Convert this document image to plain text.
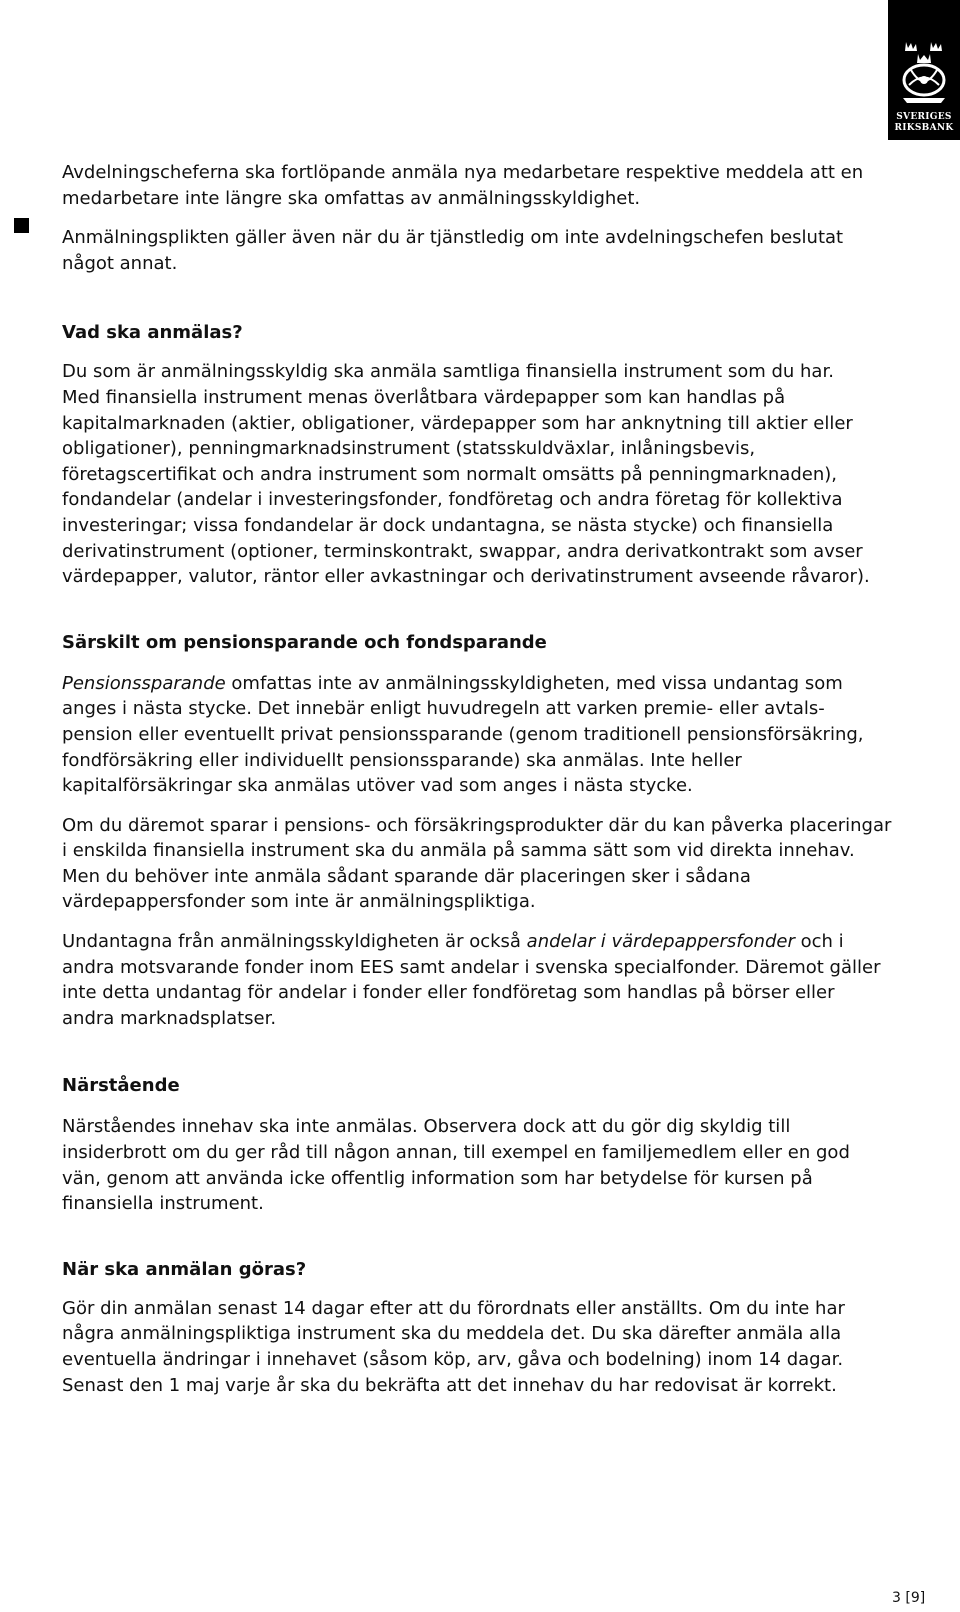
SVERIGES
RIKSBANK

Avdelningscheferna ska fortlöpande anmäla nya medarbetare respektive meddela att en medarbetare inte längre ska omfattas av anmälningsskyldighet.

Anmälningsplikten gäller även när du är tjänstledig om inte avdelningschefen beslutat något annat.

Vad ska anmälas?

Du som är anmälningsskyldig ska anmäla samtliga finansiella instrument som du har.

Med finansiella instrument menas överlåtbara värdepapper som kan handlas på kapitalmarknaden (aktier, obligationer, värdepapper som har anknytning till aktier eller obligationer), penningmarknadsinstrument (statsskuldväxlar, inlåningsbevis, företagscertifikat och andra instrument som normalt omsätts på penningmarknaden), fondandelar (andelar i investeringsfonder, fondföretag och andra företag för kollektiva investeringar; vissa fondandelar är dock undantagna, se nästa stycke) och finansiella derivatinstrument (optioner, terminskontrakt, swappar, andra derivatkontrakt som avser värdepapper, valutor, räntor eller avkastningar och derivatinstrument avseende råvaror).

Särskilt om pensionsparande och fondsparande

Pensionssparande omfattas inte av anmälningsskyldigheten, med vissa undantag som anges i nästa stycke. Det innebär enligt huvudregeln att varken premie- eller avtals-pension eller eventuellt privat pensionssparande (genom traditionell pensionsförsäkring, fondförsäkring eller individuellt pensionssparande) ska anmälas. Inte heller kapitalförsäkringar ska anmälas utöver vad som anges i nästa stycke.

Om du däremot sparar i pensions- och försäkringsprodukter där du kan påverka placeringar i enskilda finansiella instrument ska du anmäla på samma sätt som vid direkta innehav. Men du behöver inte anmäla sådant sparande där placeringen sker i sådana värdepappersfonder som inte är anmälningspliktiga.

Undantagna från anmälningsskyldigheten är också andelar i värdepappersfonder och i andra motsvarande fonder inom EES samt andelar i svenska specialfonder. Däremot gäller inte detta undantag för andelar i fonder eller fondföretag som handlas på börser eller andra marknadsplatser.

Närstående

Närståendes innehav ska inte anmälas. Observera dock att du gör dig skyldig till insiderbrott om du ger råd till någon annan, till exempel en familjemedlem eller en god vän, genom att använda icke offentlig information som har betydelse för kursen på finansiella instrument.

När ska anmälan göras?

Gör din anmälan senast 14 dagar efter att du förordnats eller anställts. Om du inte har några anmälningspliktiga instrument ska du meddela det. Du ska därefter anmäla alla eventuella ändringar i innehavet (såsom köp, arv, gåva och bodelning) inom 14 dagar. Senast den 1 maj varje år ska du bekräfta att det innehav du har redovisat är korrekt.

3 [9]
